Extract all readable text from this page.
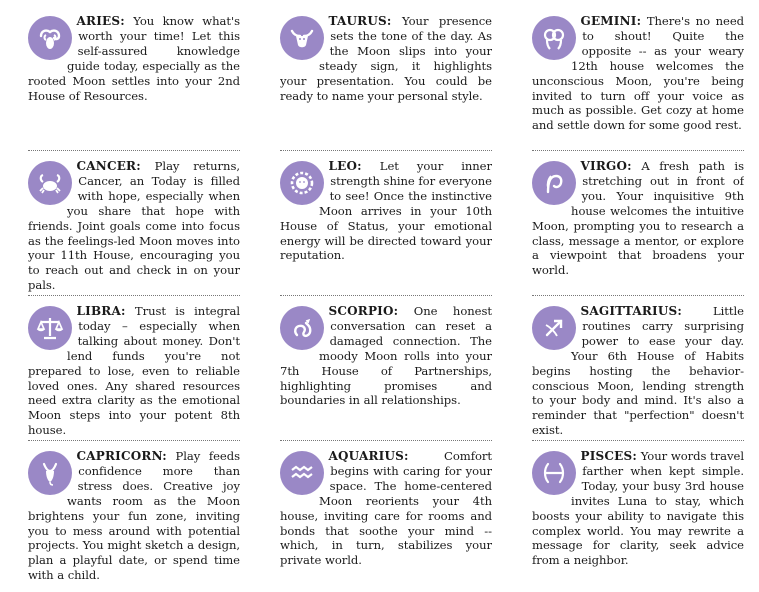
ARIES: You know what's worth your time! Let this self-assured knowledge guide today, especially as the rooted Moon settles into your 2nd House of Resources.
TAURUS: Your presence sets the tone of the day. As the Moon slips into your steady sign, it highlights your presentation. You could be ready to name your personal style.
GEMINI: There's no need to shout! Quite the opposite -- as your weary 12th house welcomes the unconscious Moon, you're being invited to turn off your voice as much as possible. Get cozy at home and settle down for some good rest.
CANCER: Play returns, Cancer, an Today is filled with hope, especially when you share that hope with friends. Joint goals come into focus as the feelings-led Moon moves into your 11th House, encouraging you to reach out and check in on your pals.
LEO: Let your inner strength shine for everyone to see! Once the instinctive Moon arrives in your 10th House of Status, your emotional energy will be directed toward your reputation.
VIRGO: A fresh path is stretching out in front of you. Your inquisitive 9th house welcomes the intuitive Moon, prompting you to research a class, message a mentor, or explore a viewpoint that broadens your world.
LIBRA: Trust is integral today – especially when talking about money. Don't lend funds you're not prepared to lose, even to reliable loved ones. Any shared resources need extra clarity as the emotional Moon steps into your potent 8th house.
SCORPIO: One honest conversation can reset a damaged connection. The moody Moon rolls into your 7th House of Partnerships, highlighting promises and boundaries in all relationships.
SAGITTARIUS:	Little routines carry surprising power to ease your day. Your 6th House of Habits begins hosting the behavior-conscious Moon, lending strength to your body and mind. It's also a reminder that "perfection" doesn't exist.
CAPRICORN: Play feeds confidence more than stress does. Creative joy wants room as the Moon brightens your fun zone, inviting you to mess around with potential projects. You might sketch a design, plan a playful date, or spend time with a child.
AQUARIUS:	Comfort begins with caring for your space. The home-centered Moon reorients your 4th house, inviting care for rooms and bonds that soothe your mind -- which, in turn, stabilizes your private world.
PISCES: Your words travel farther when kept simple. Today, your busy 3rd house invites Luna to stay, which boosts your ability to navigate this complex world. You may rewrite a message for clarity, seek advice from a neighbor.
